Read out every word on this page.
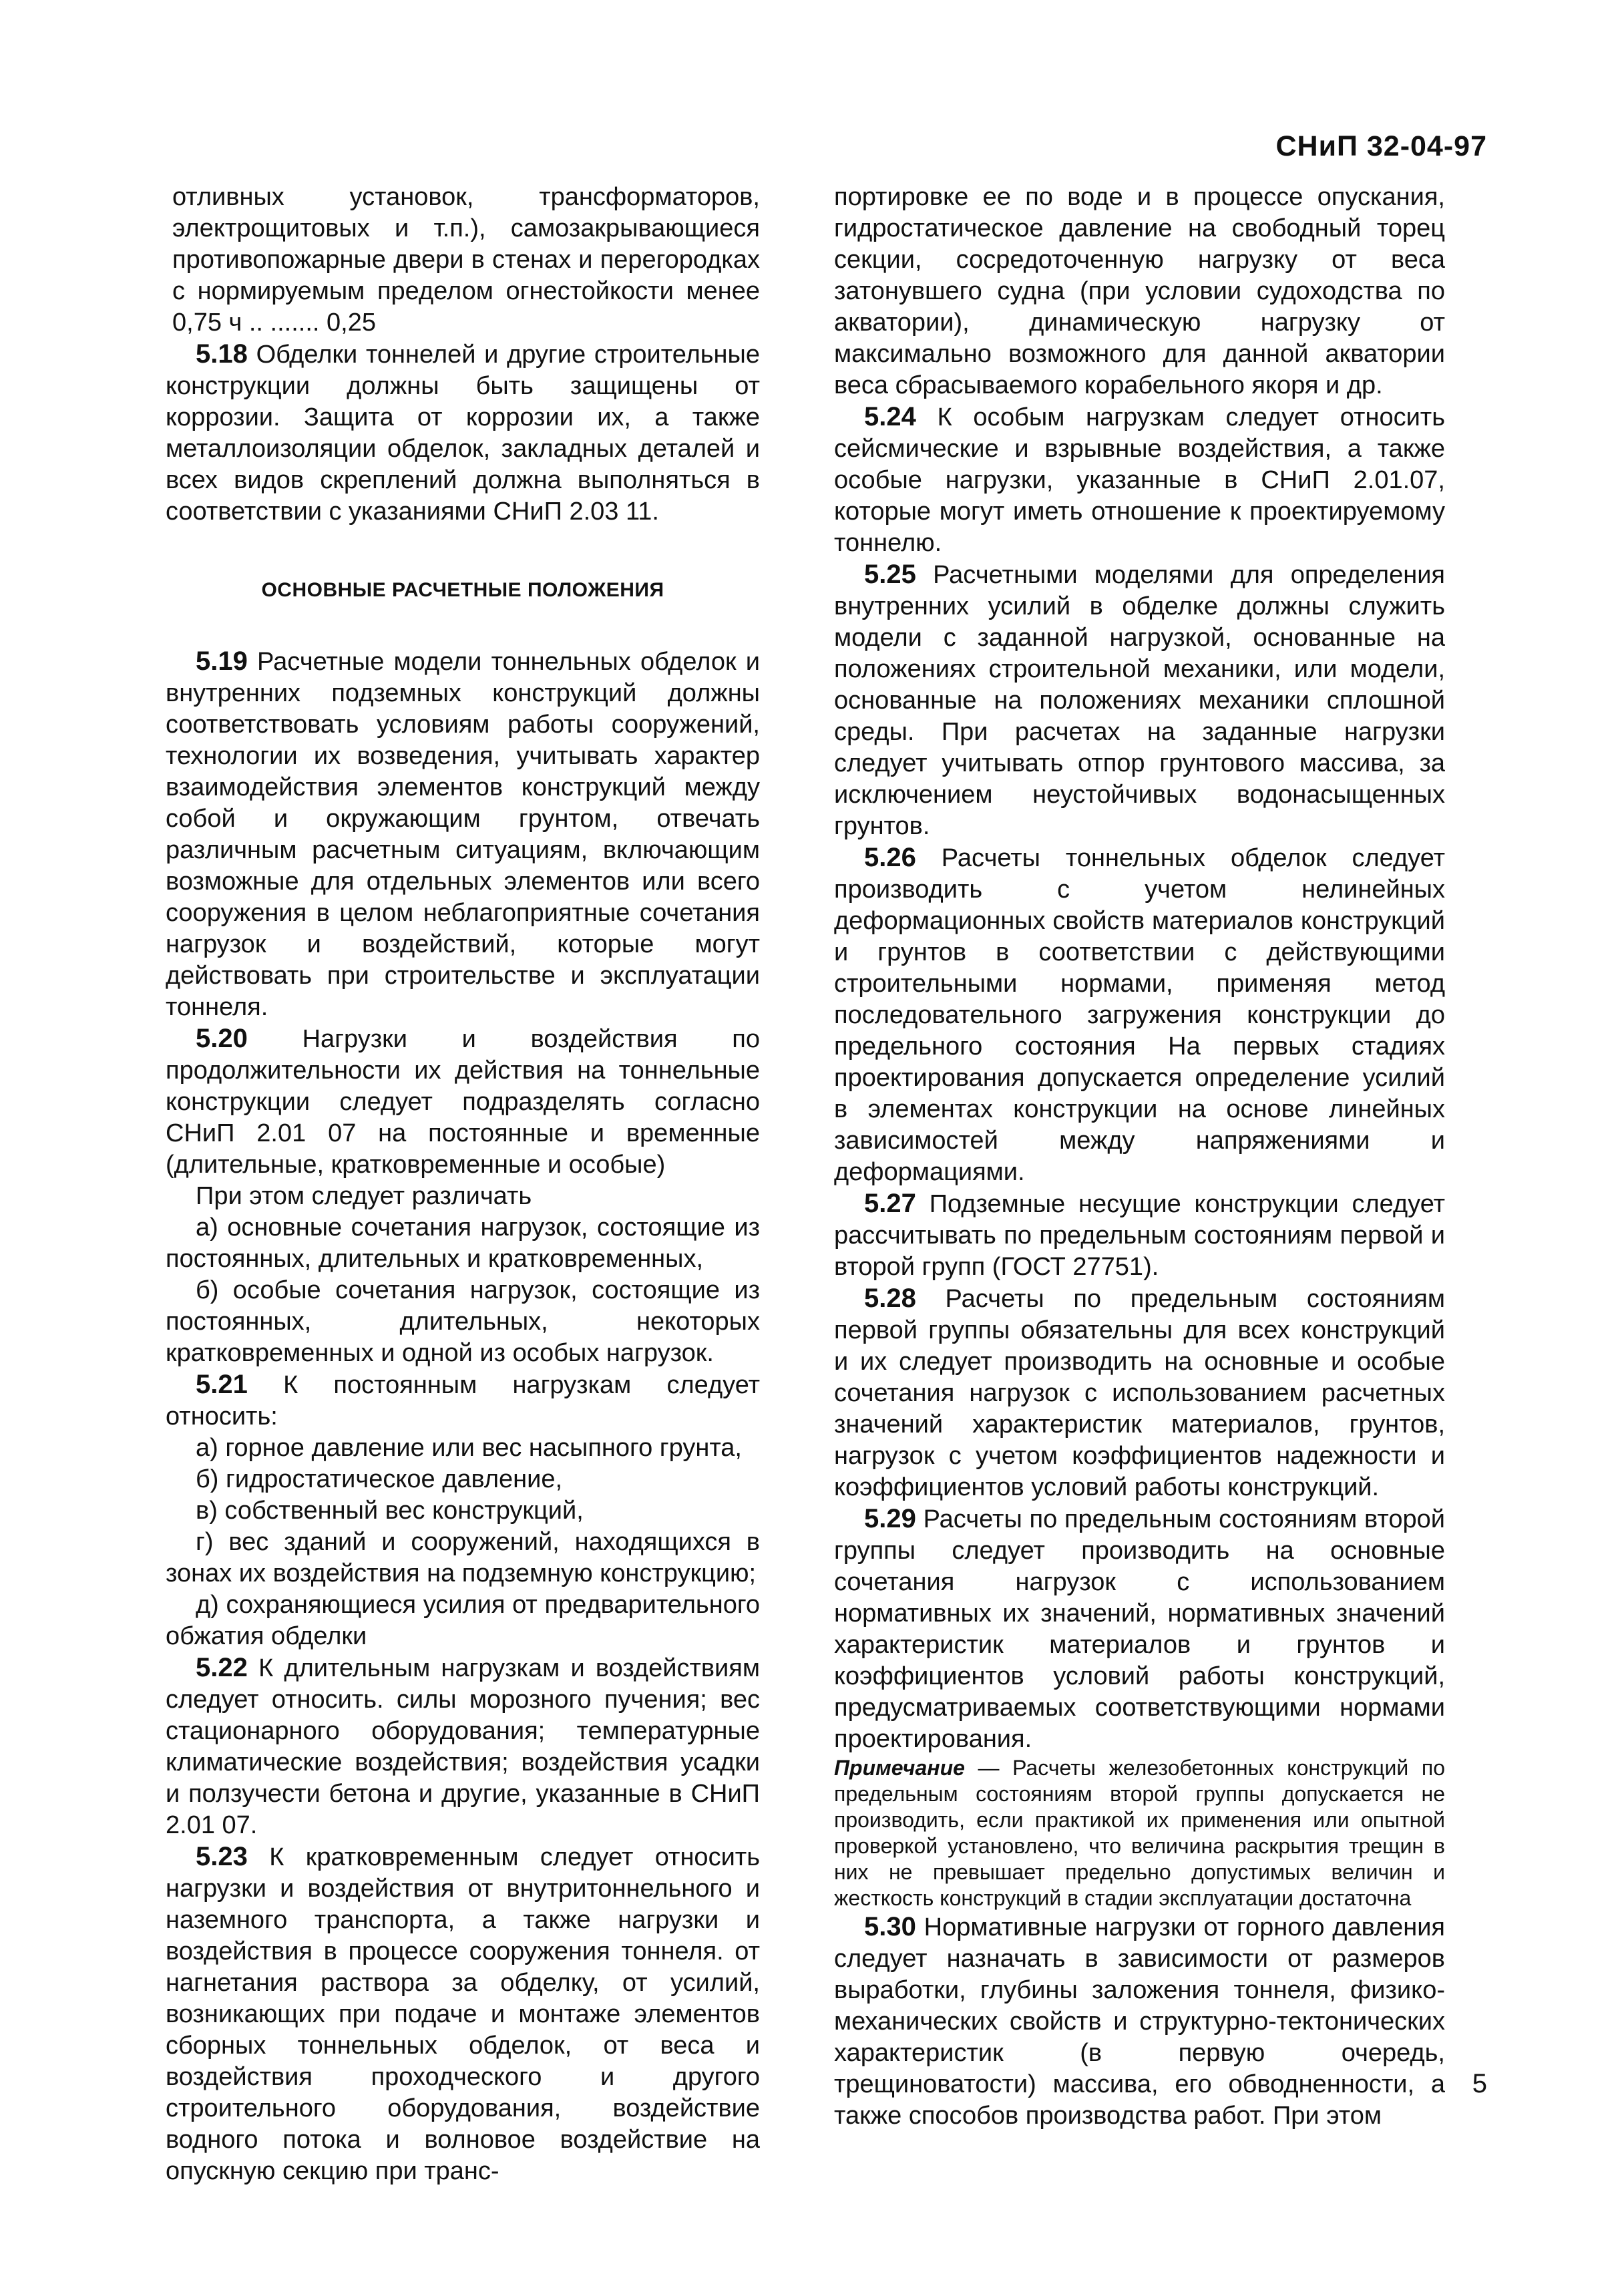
СНиП 32-04-97

отливных установок, трансформаторов, электрощитовых и т.п.), самозакрывающиеся противопожарные двери в стенах и перегородках с нормируемым пределом огнестойкости менее 0,75 ч .. ....... 0,25

5.18 Обделки тоннелей и другие строительные конструкции должны быть защищены от коррозии. Защита от коррозии их, а также металлоизоляции обделок, закладных деталей и всех видов скреплений должна выполняться в соответствии с указаниями СНиП 2.03 11.

ОСНОВНЫЕ РАСЧЕТНЫЕ ПОЛОЖЕНИЯ

5.19 Расчетные модели тоннельных обделок и внутренних подземных конструкций должны соответствовать условиям работы сооружений, технологии их возведения, учитывать характер взаимодействия элементов конструкций между собой и окружающим грунтом, отвечать различным расчетным ситуациям, включающим возможные для отдельных элементов или всего сооружения в целом неблагоприятные сочетания нагрузок и воздействий, которые могут действовать при строительстве и эксплуатации тоннеля.

5.20 Нагрузки и воздействия по продолжительности их действия на тоннельные конструкции следует подразделять согласно СНиП 2.01 07 на постоянные и временные (длительные, кратковременные и особые)

При этом следует различать

а) основные сочетания нагрузок, состоящие из постоянных, длительных и кратковременных,

б) особые сочетания нагрузок, состоящие из постоянных, длительных, некоторых кратковременных и одной из особых нагрузок.

5.21 К постоянным нагрузкам следует относить:

а) горное давление или вес насыпного грунта,

б) гидростатическое давление,

в) собственный вес конструкций,

г) вес зданий и сооружений, находящихся в зонах их воздействия на подземную конструкцию;

д) сохраняющиеся усилия от предварительного обжатия обделки

5.22 К длительным нагрузкам и воздействиям следует относить. силы морозного пучения; вес стационарного оборудования; температурные климатические воздействия; воздействия усадки и ползучести бетона и другие, указанные в СНиП 2.01 07.

5.23 К кратковременным следует относить нагрузки и воздействия от внутритоннельного и наземного транспорта, а также нагрузки и воздействия в процессе сооружения тоннеля. от нагнетания раствора за обделку, от усилий, возникающих при подаче и монтаже элементов сборных тоннельных обделок, от веса и воздействия проходческого и другого строительного оборудования, воздействие водного потока и волновое воздействие на опускную секцию при транс-

портировке ее по воде и в процессе опускания, гидростатическое давление на свободный торец секции, сосредоточенную нагрузку от веса затонувшего судна (при условии судоходства по акватории), динамическую нагрузку от максимально возможного для данной акватории веса сбрасываемого корабельного якоря и др.

5.24 К особым нагрузкам следует относить сейсмические и взрывные воздействия, а также особые нагрузки, указанные в СНиП 2.01.07, которые могут иметь отношение к проектируемому тоннелю.

5.25 Расчетными моделями для определения внутренних усилий в обделке должны служить модели с заданной нагрузкой, основанные на положениях строительной механики, или модели, основанные на положениях механики сплошной среды. При расчетах на заданные нагрузки следует учитывать отпор грунтового массива, за исключением неустойчивых водонасыщенных грунтов.

5.26 Расчеты тоннельных обделок следует производить с учетом нелинейных деформационных свойств материалов конструкций и грунтов в соответствии с действующими строительными нормами, применяя метод последовательного загружения конструкции до предельного состояния На первых стадиях проектирования допускается определение усилий в элементах конструкции на основе линейных зависимостей между напряжениями и деформациями.

5.27 Подземные несущие конструкции следует рассчитывать по предельным состояниям первой и второй групп (ГОСТ 27751).

5.28 Расчеты по предельным состояниям первой группы обязательны для всех конструкций и их следует производить на основные и особые сочетания нагрузок с использованием расчетных значений характеристик материалов, грунтов, нагрузок с учетом коэффициентов надежности и коэффициентов условий работы конструкций.

5.29 Расчеты по предельным состояниям второй группы следует производить на основные сочетания нагрузок с использованием нормативных их значений, нормативных значений характеристик материалов и грунтов и коэффициентов условий работы конструкций, предусматриваемых соответствующими нормами проектирования.

Примечание — Расчеты железобетонных конструкций по предельным состояниям второй группы допускается не производить, если практикой их применения или опытной проверкой установлено, что величина раскрытия трещин в них не превышает предельно допустимых величин и жесткость конструкций в стадии эксплуатации достаточна

5.30 Нормативные нагрузки от горного давления следует назначать в зависимости от размеров выработки, глубины заложения тоннеля, физико-механических свойств и структурно-тектонических характеристик (в первую очередь, трещиноватости) массива, его обводненности, а также способов производства работ. При этом

5
